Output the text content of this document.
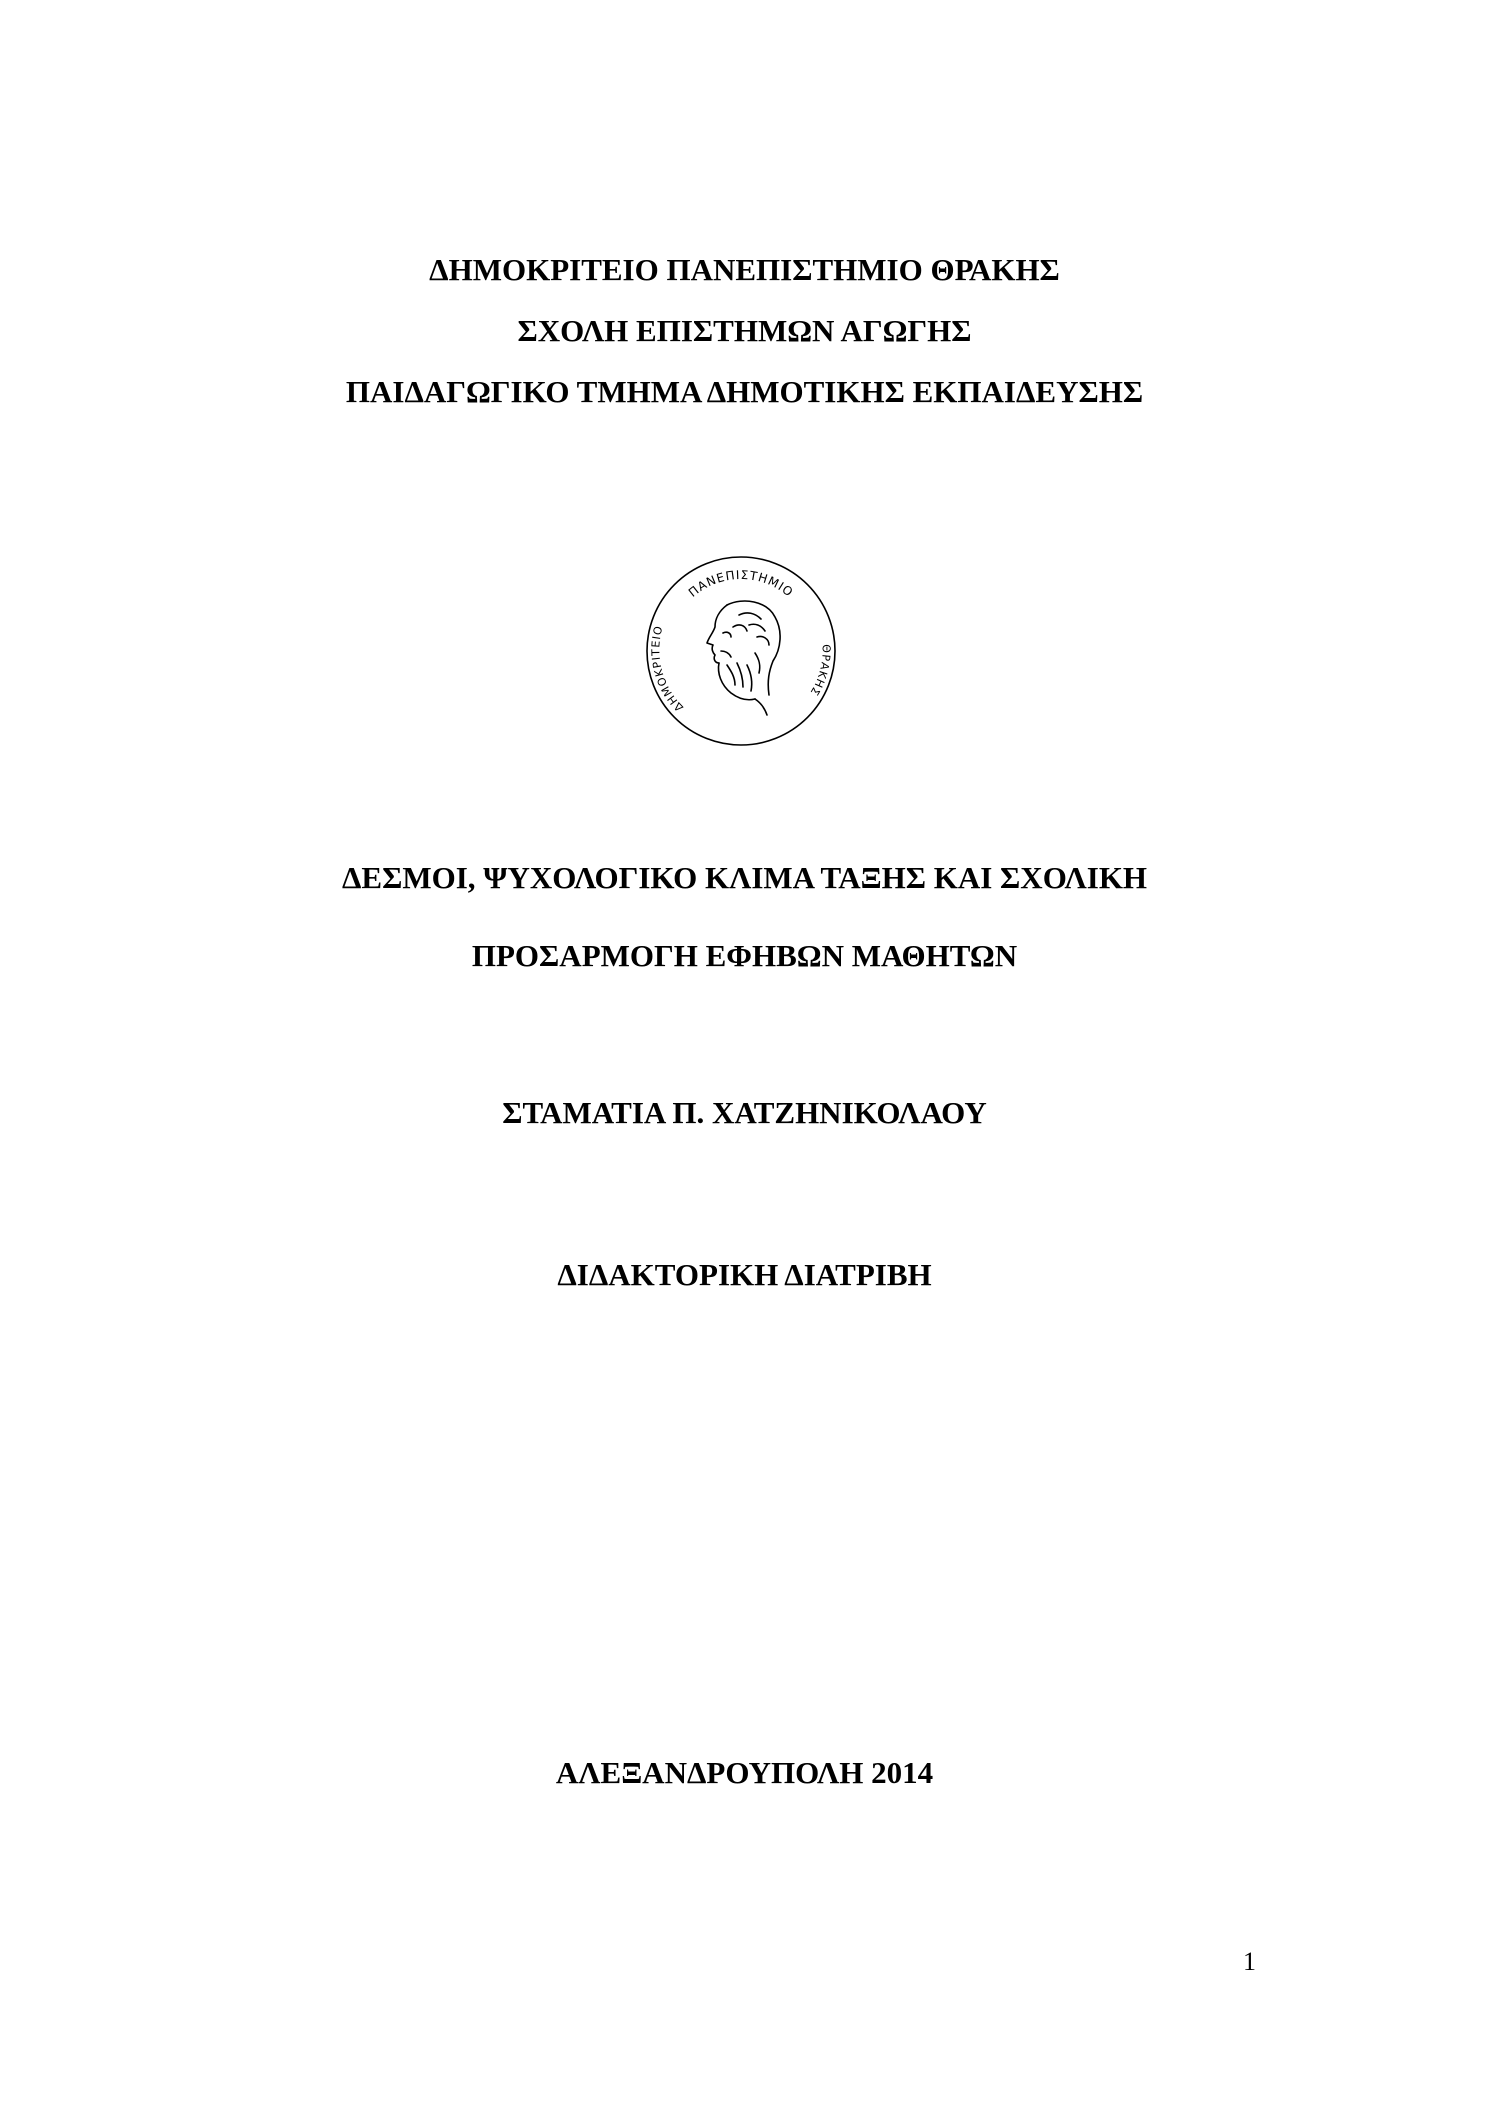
ΔΗΜΟΚΡΙΤΕΙΟ ΠΑΝΕΠΙΣΤΗΜΙΟ ΘΡΑΚΗΣ
ΣΧΟΛΗ ΕΠΙΣΤΗΜΩΝ ΑΓΩΓΗΣ
ΠΑΙΔΑΓΩΓΙΚΟ ΤΜΗΜΑ ΔΗΜΟΤΙΚΗΣ ΕΚΠΑΙΔΕΥΣΗΣ
ΠΑΝΕΠΙΣΤΗΜΙΟ
ΔΗΜΟΚΡΙΤΕΙΟ
ΘΡΑΚΗΣ
ΔΕΣΜΟΙ, ΨΥΧΟΛΟΓΙΚΟ ΚΛΙΜΑ ΤΑΞΗΣ ΚΑΙ ΣΧΟΛΙΚΗ
ΠΡΟΣΑΡΜΟΓΗ ΕΦΗΒΩΝ ΜΑΘΗΤΩΝ
ΣΤΑΜΑΤΙΑ Π. ΧΑΤΖΗΝΙΚΟΛΑΟΥ
ΔΙΔΑΚΤΟΡΙΚΗ ΔΙΑΤΡΙΒΗ
ΑΛΕΞΑΝΔΡΟΥΠΟΛΗ 2014
1
